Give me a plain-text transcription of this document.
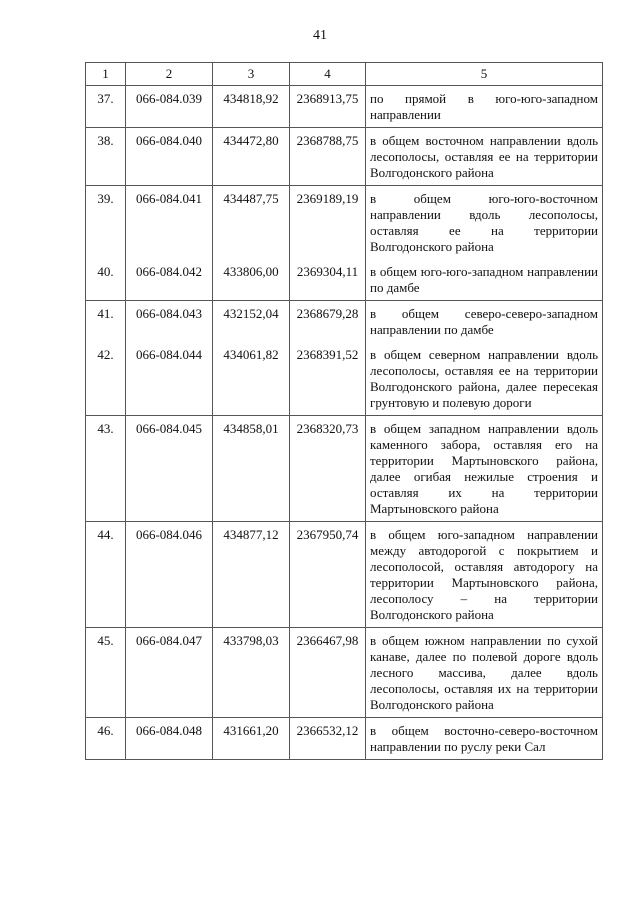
41
1	2	3	4	5
37.	066-084.039	434818,92	2368913,75	по прямой в юго-юго-западном направлении
38.	066-084.040	434472,80	2368788,75	в общем восточном направлении вдоль лесополосы, оставляя ее на территории Волгодонского района
39.	066-084.041	434487,75	2369189,19	в общем юго-юго-восточном направлении вдоль лесополосы, оставляя ее на территории Волгодонского района
40.	066-084.042	433806,00	2369304,11	в общем юго-юго-западном направлении по дамбе
41.	066-084.043	432152,04	2368679,28	в общем северо-северо-западном направлении по дамбе
42.	066-084.044	434061,82	2368391,52	в общем северном направлении вдоль лесополосы, оставляя ее на территории Волгодонского района, далее пересекая грунтовую и полевую дороги
43.	066-084.045	434858,01	2368320,73	в общем западном направлении вдоль каменного забора, оставляя его на территории Мартыновского района, далее огибая нежилые строения и оставляя их на территории Мартыновского района
44.	066-084.046	434877,12	2367950,74	в общем юго-западном направлении между автодорогой с покрытием и лесополосой, оставляя автодорогу на территории Мартыновского района, лесополосу – на территории Волгодонского района
45.	066-084.047	433798,03	2366467,98	в общем южном направлении по сухой канаве, далее по полевой дороге вдоль лесного массива, далее вдоль лесополосы, оставляя их на территории Волгодонского района
46.	066-084.048	431661,20	2366532,12	в общем восточно-северо-восточном направлении по руслу реки Сал
